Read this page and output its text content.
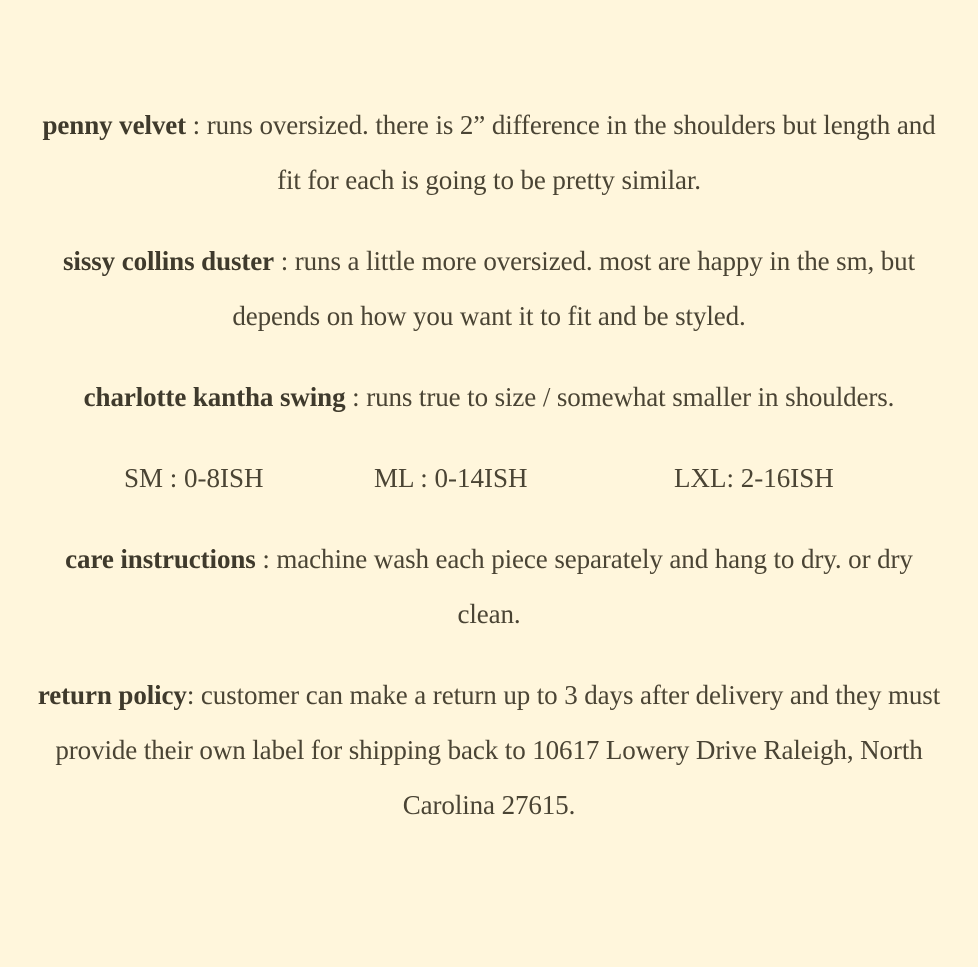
penny velvet : runs oversized. there is 2” difference in the shoulders but length and fit for each is going to be pretty similar.

sissy collins duster : runs a little more oversized. most are happy in the sm, but depends on how you want it to fit and be styled.

charlotte kantha swing : runs true to size / somewhat smaller in shoulders.

SM : 0-8ISH	ML : 0-14ISH	LXL: 2-16ISH

care instructions : machine wash each piece separately and hang to dry. or dry clean.

return policy: customer can make a return up to 3 days after delivery and they must provide their own label for shipping back to 10617 Lowery Drive Raleigh, North Carolina 27615.
